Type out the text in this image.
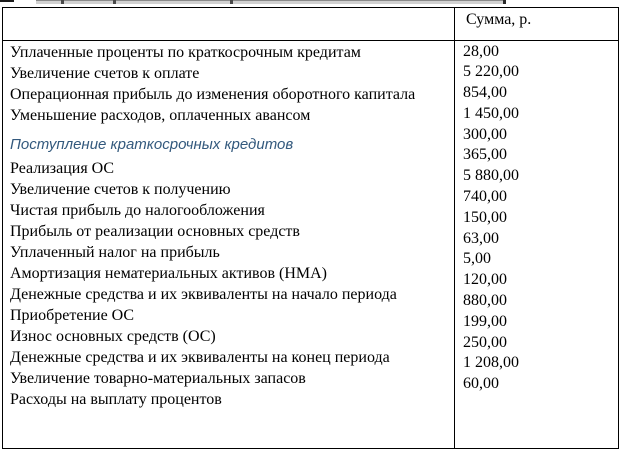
Сумма, р.

Уплаченные проценты по краткосрочным кредитам

Увеличение счетов к оплате

Операционная прибыль до изменения оборотного капитала

Уменьшение расходов, оплаченных авансом

Поступление краткосрочных кредитов

Реализация ОС

Увеличение счетов к получению

Чистая прибыль до налогообложения

Прибыль от реализации основных средств

Уплаченный налог на прибыль

Амортизация нематериальных активов (НМА)

Денежные средства и их эквиваленты на начало периода

Приобретение ОС

Износ основных средств (ОС)

Денежные средства и их эквиваленты на конец периода

Увеличение товарно-материальных запасов

Расходы на выплату процентов

28,00
5 220,00
854,00
1 450,00
300,00
365,00
5 880,00
740,00
150,00
63,00
5,00
120,00
880,00
199,00
250,00
1 208,00
60,00
